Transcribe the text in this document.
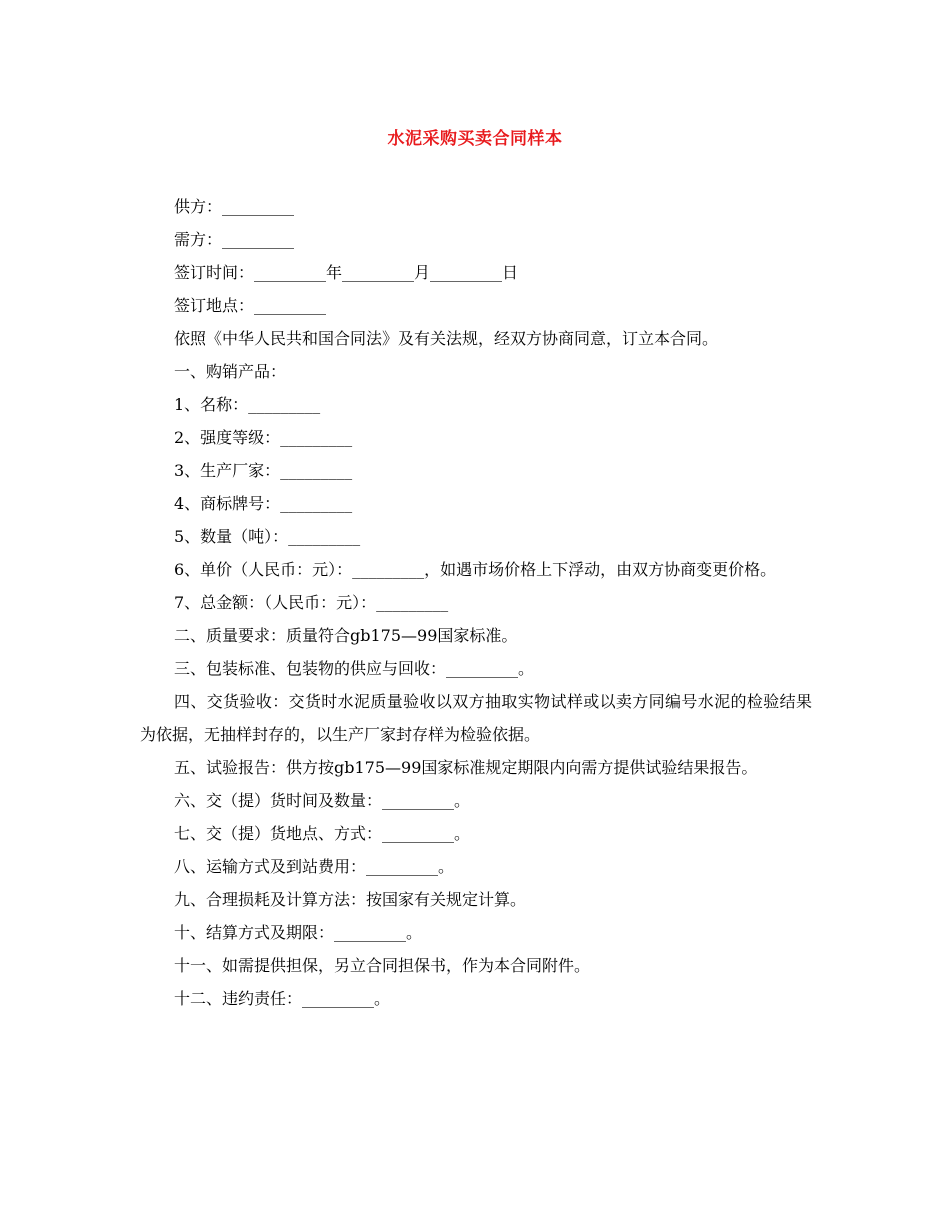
水泥采购买卖合同样本
供方：_________
需方：_________
签订时间：_________年_________月_________日
签订地点：_________
依照《中华人民共和国合同法》及有关法规，经双方协商同意，订立本合同。
一、购销产品：
1、名称：_________
2、强度等级：_________
3、生产厂家：_________
4、商标牌号：_________
5、数量（吨）：_________
6、单价（人民币：元）：_________，如遇市场价格上下浮动，由双方协商变更价格。
7、总金额：（人民币：元）：_________
二、质量要求：质量符合gb175—99国家标准。
三、包装标准、包装物的供应与回收：_________。
四、交货验收：交货时水泥质量验收以双方抽取实物试样或以卖方同编号水泥的检验结果为依据，无抽样封存的，以生产厂家封存样为检验依据。
五、试验报告：供方按gb175—99国家标准规定期限内向需方提供试验结果报告。
六、交（提）货时间及数量：_________。
七、交（提）货地点、方式：_________。
八、运输方式及到站费用：_________。
九、合理损耗及计算方法：按国家有关规定计算。
十、结算方式及期限：_________。
十一、如需提供担保，另立合同担保书，作为本合同附件。
十二、违约责任：_________。
